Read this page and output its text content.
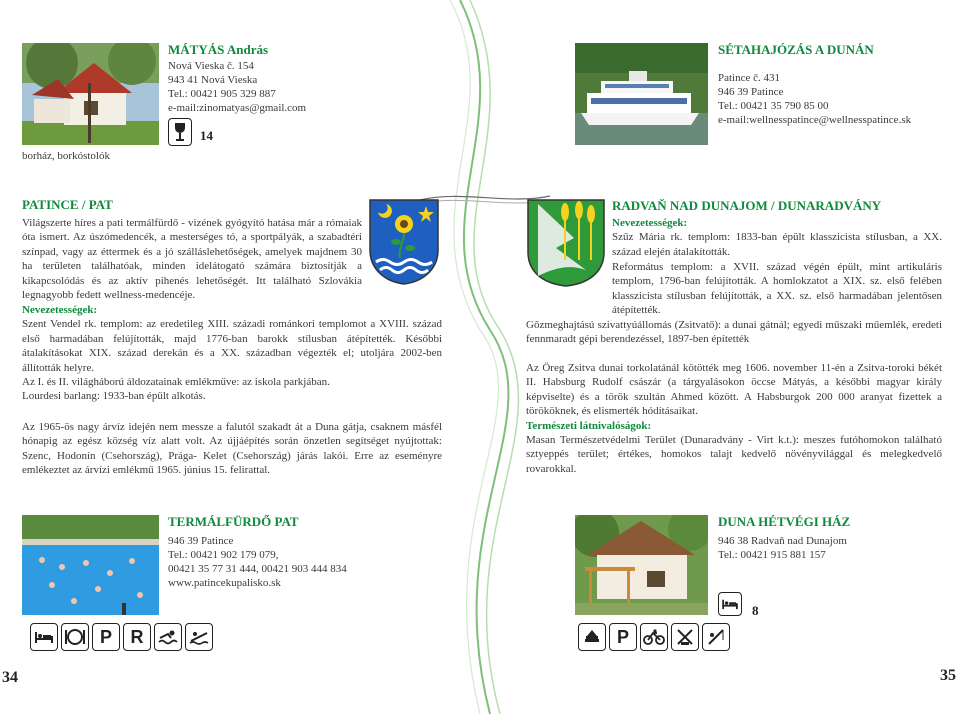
MÁTYÁS András
Nová Vieska č. 154
943 41 Nová Vieska
Tel.: 00421 905 329 887
e-mail:zinomatyas@gmail.com
14
borház, borkóstolók
SÉTAHAJÓZÁS A DUNÁN
Patince č. 431
946 39 Patince
Tel.: 00421 35 790 85 00
e-mail:wellnesspatince@wellnesspatince.sk
PATINCE / PAT
Világszerte híres a pati termálfürdő - vizének gyógyító hatása már a rómaiak óta ismert. Az úszómedencék, a mesterséges tó, a sportpályák, a szabadtéri színpad, vagy az éttermek és a jó szálláslehetőségek, amelyek majdnem 30 ha területen találhatóak, minden idelátogató számára biztosítják a kikapcsolódás és az aktív pihenés lehetőségét. Itt található Szlovákia legnagyobb fedett wellness-medencéje.

Nevezetességek:

Szent Vendel rk. templom: az eredetileg XIII. századi románkori templomot a XVIII. század első harmadában felújították, majd 1776-ban barokk stílusban átépítették. Későbbi átalakításokat XIX. század derekán és a XX. században végezték el; utoljára 2002-ben állították helyre.

Az I. és II. világháború áldozatainak emlékműve: az iskola parkjában.

Lourdesi barlang: 1933-ban épült alkotás.

Az 1965-ös nagy árvíz idején nem messze a falutól szakadt át a Duna gátja, csaknem másfél hónapig az egész község víz alatt volt. Az újjáépítés során önzetlen segítséget nyújtottak: Szenc, Hodonín (Csehország), Prága- Kelet (Csehország) járás lakói. Erre az eseményre emlékeztet az árvízi emlékmű 1965. június 15. felirattal.
RADVAŇ NAD DUNAJOM / DUNARADVÁNY

Nevezetességek:

Szűz Mária rk. templom: 1833-ban épült klasszicista stílusban, a XX. század elején átalakították.

Református templom: a XVII. század végén épült, mint artikuláris templom, 1796-ban felújították. A homlokzatot a XIX. sz. első felében klasszicista stílusban felújították, a XX. sz. első harmadában jelentősen átépítették.

Gőzmeghajtású szivattyúállomás (Zsitvatő): a dunai gátnál; egyedi műszaki műemlék, eredeti fennmaradt gépi berendezéssel, 1897-ben építették

Az Öreg Zsitva dunai torkolatánál kötötték meg 1606. november 11-én a Zsitva-toroki békét II. Habsburg Rudolf császár (a tárgyalásokon öccse Mátyás, a későbbi magyar király képviselte) és a török szultán Ahmed között. A Habsburgok 200 000 aranyat fizettek a törököknek, és elismerték hódításaikat.

Természeti látnivalóságok:

Masan Természetvédelmi Terület (Dunaradvány - Virt k.t.): meszes futóhomokon található sztyeppés terület; értékes, homokos talajt kedvelő növényvilággal és melegkedvelő rovarokkal.

TERMÁLFÜRDŐ PAT
946 39 Patince
Tel.: 00421 902 179 079,
00421 35 77 31 444, 00421 903 444 834
www.patincekupalisko.sk
P	R
DUNA HÉTVÉGI HÁZ
946 38 Radvaň nad Dunajom
Tel.: 00421 915 881 157
8
P
34	35
